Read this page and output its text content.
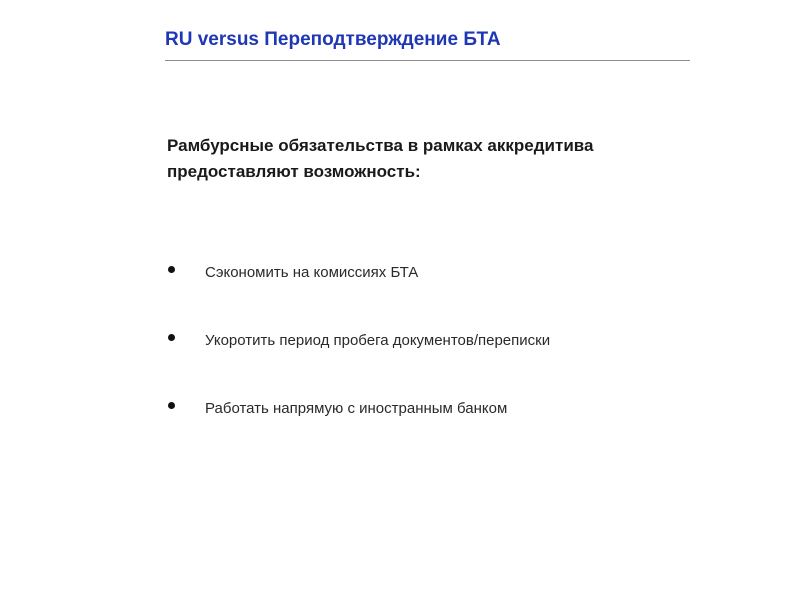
RU versus Переподтверждение БТА
Рамбурсные обязательства в рамках аккредитива
предоставляют возможность:
Сэкономить на комиссиях БТА
Укоротить период пробега документов/переписки
Работать напрямую с иностранным банком
